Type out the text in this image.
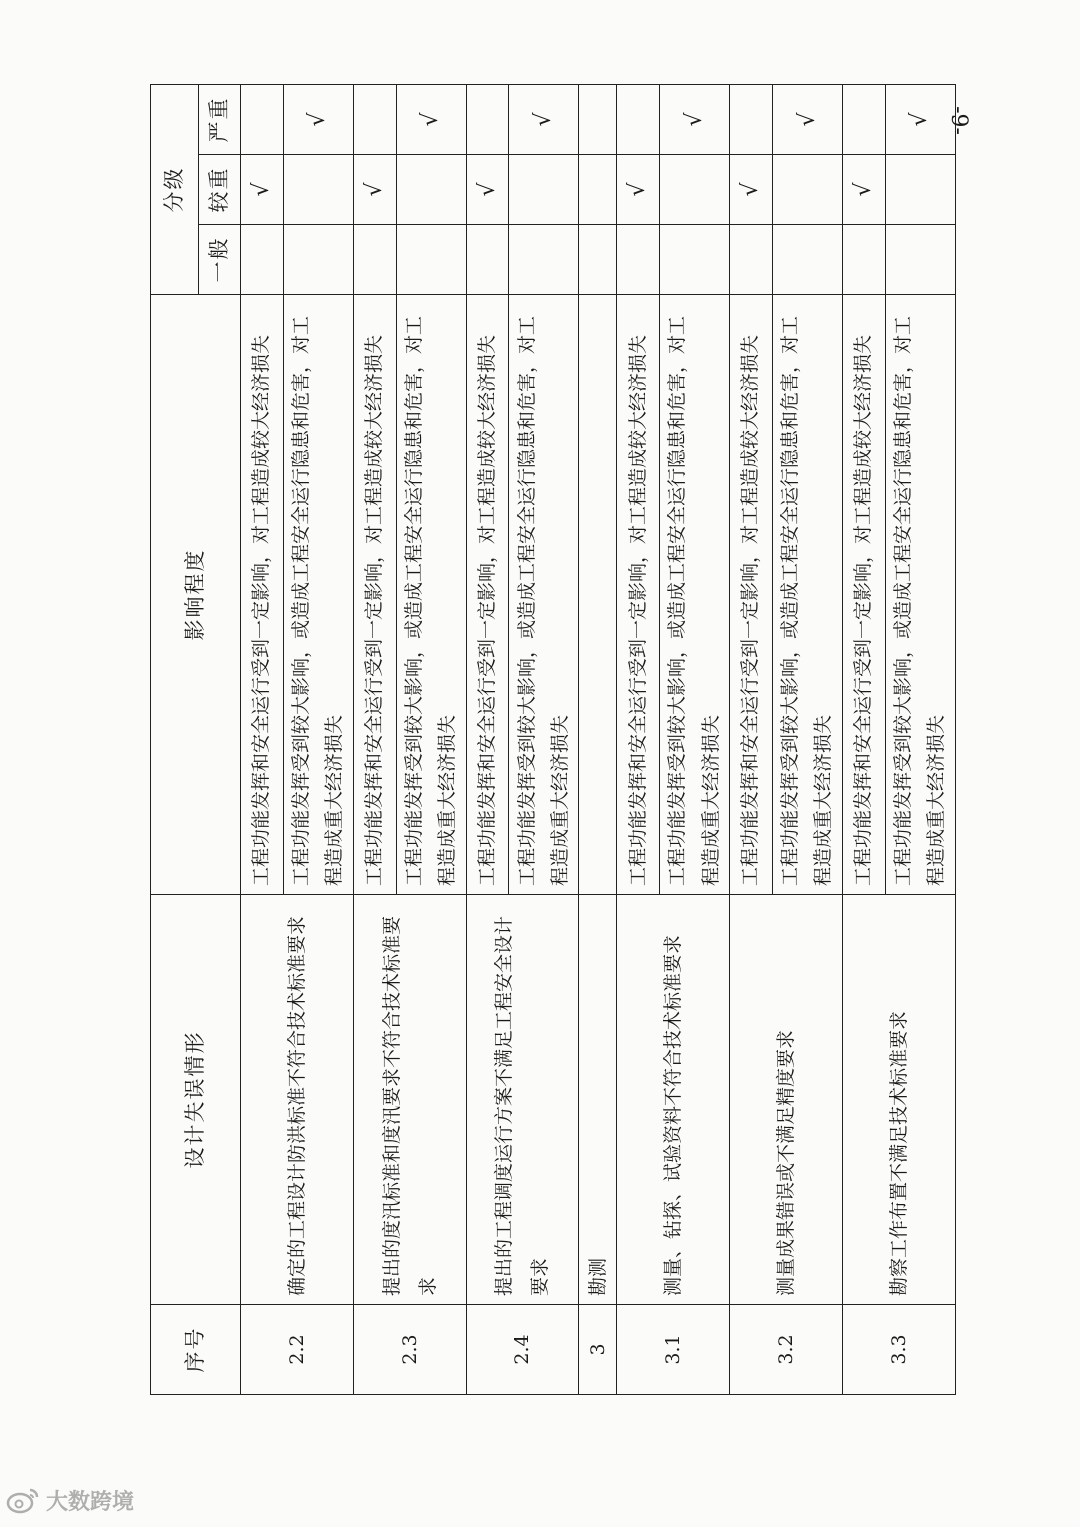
序号	设计失误情形	影响程度	分级		
			一般	较重	严重
2.2	确定的工程设计防洪标准不符合技术标准要求	工程功能发挥和安全运行受到一定影响，对工程造成较大经济损失		√	
		工程功能发挥受到较大影响，或造成工程安全运行隐患和危害，对工程造成重大经济损失			√
2.3	提出的度汛标准和度汛要求不符合技术标准要求	工程功能发挥和安全运行受到一定影响，对工程造成较大经济损失		√	
		工程功能发挥受到较大影响，或造成工程安全运行隐患和危害，对工程造成重大经济损失			√
2.4	提出的工程调度运行方案不满足工程安全设计要求	工程功能发挥和安全运行受到一定影响，对工程造成较大经济损失		√	
		工程功能发挥受到较大影响，或造成工程安全运行隐患和危害，对工程造成重大经济损失			√
3	勘测				
3.1	测量、钻探、试验资料不符合技术标准要求	工程功能发挥和安全运行受到一定影响，对工程造成较大经济损失		√	
		工程功能发挥受到较大影响，或造成工程安全运行隐患和危害，对工程造成重大经济损失			√
3.2	测量成果错误或不满足精度要求	工程功能发挥和安全运行受到一定影响，对工程造成较大经济损失		√	
		工程功能发挥受到较大影响，或造成工程安全运行隐患和危害，对工程造成重大经济损失			√
3.3	勘察工作布置不满足技术标准要求	工程功能发挥和安全运行受到一定影响，对工程造成较大经济损失		√	
		工程功能发挥受到较大影响，或造成工程安全运行隐患和危害，对工程造成重大经济损失			√ -9-
大数跨境
